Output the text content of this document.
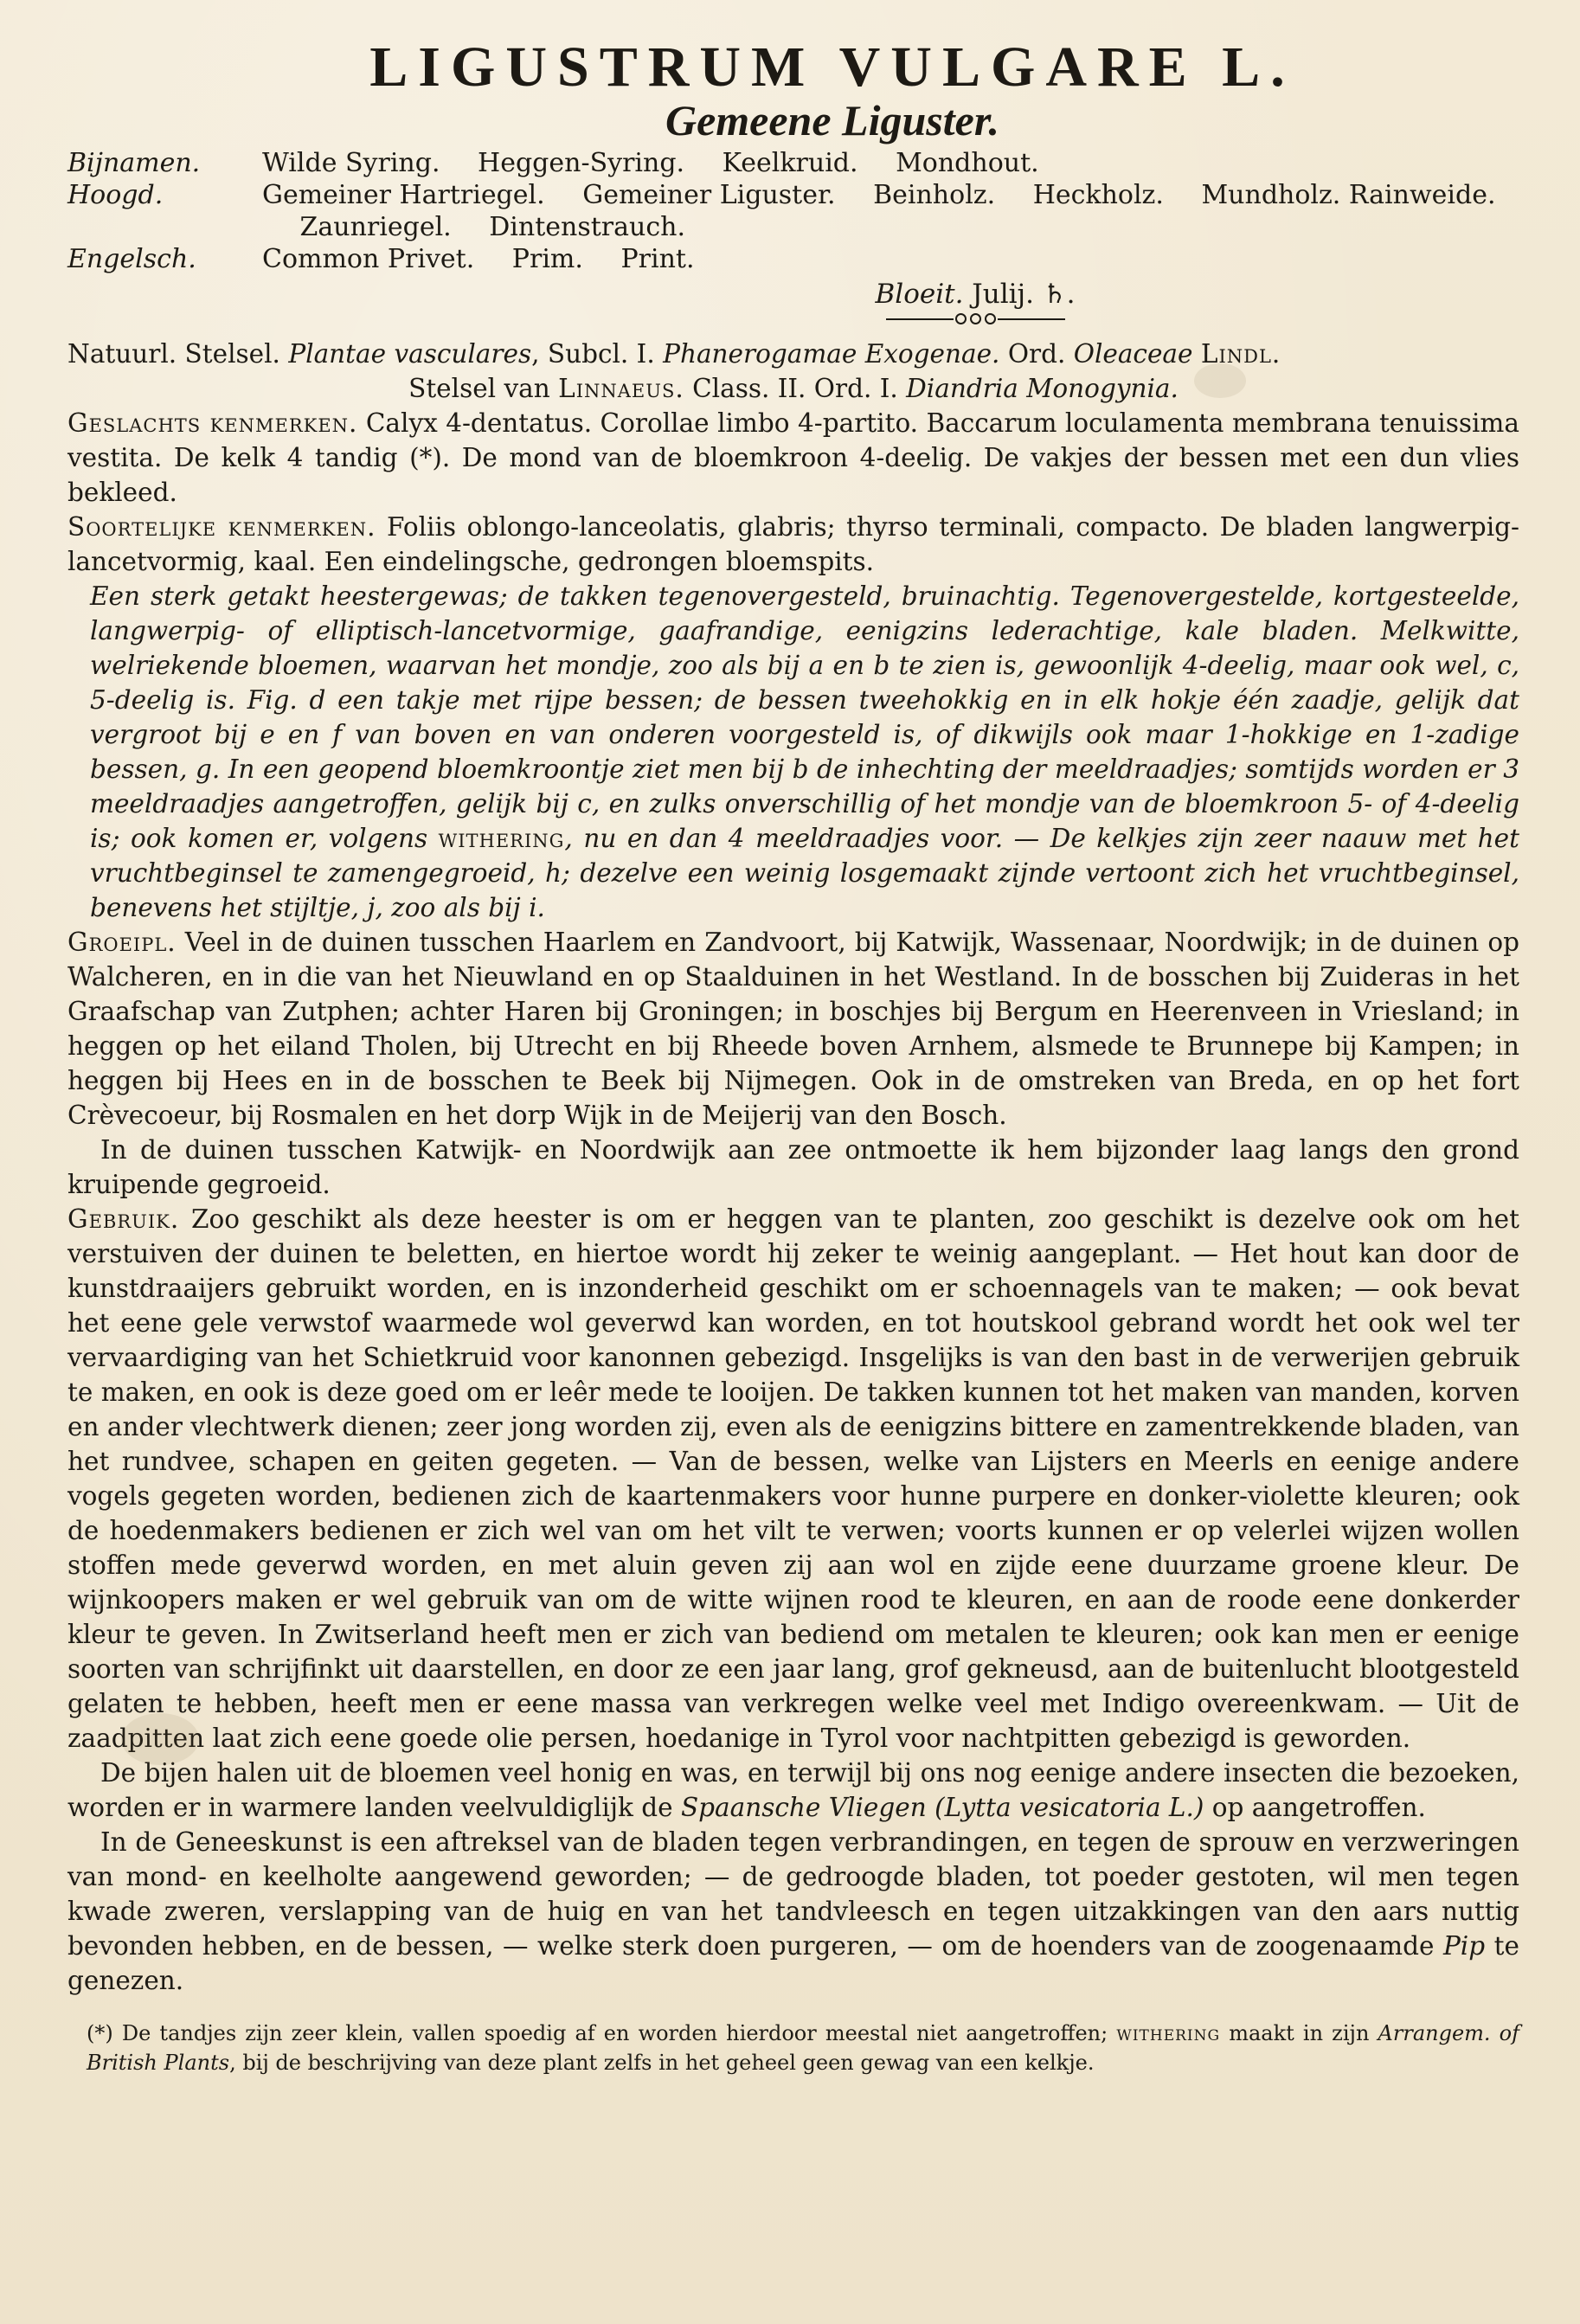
LIGUSTRUM VULGARE L.
Gemeene Liguster.
Bijnamen.	Wilde Syring. Heggen-Syring. Keelkruid. Mondhout.
Hoogd.	Gemeiner Hartriegel. Gemeiner Liguster. Beinholz. Heckholz. Mundholz. Rainweide. Zaunriegel. Dintenstrauch.
Engelsch.	Common Privet. Prim. Print.
Bloeit. Julij. ♄.

Natuurl. Stelsel. Plantae vasculares, Subcl. I. Phanerogamae Exogenae. Ord. Oleaceae Lindl.

Stelsel van Linnaeus. Class. II. Ord. I. Diandria Monogynia.

Geslachts kenmerken. Calyx 4-dentatus. Corollae limbo 4-partito. Baccarum loculamenta membrana tenuissima vestita. De kelk 4 tandig (*). De mond van de bloemkroon 4-deelig. De vakjes der bessen met een dun vlies bekleed.

Soortelijke kenmerken. Foliis oblongo-lanceolatis, glabris; thyrso terminali, compacto. De bladen langwerpig-lancetvormig, kaal. Een eindelingsche, gedrongen bloemspits.

Een sterk getakt heestergewas; de takken tegenovergesteld, bruinachtig. Tegenovergestelde, kortgesteelde, langwerpig- of elliptisch-lancetvormige, gaafrandige, eenigzins lederachtige, kale bladen. Melkwitte, welriekende bloemen, waarvan het mondje, zoo als bij a en b te zien is, gewoonlijk 4-deelig, maar ook wel, c, 5-deelig is. Fig. d een takje met rijpe bessen; de bessen tweehokkig en in elk hokje één zaadje, gelijk dat vergroot bij e en f van boven en van onderen voorgesteld is, of dikwijls ook maar 1-hokkige en 1-zadige bessen, g. In een geopend bloemkroontje ziet men bij b de inhechting der meeldraadjes; somtijds worden er 3 meeldraadjes aangetroffen, gelijk bij c, en zulks onverschillig of het mondje van de bloemkroon 5- of 4-deelig is; ook komen er, volgens withering, nu en dan 4 meeldraadjes voor. — De kelkjes zijn zeer naauw met het vruchtbeginsel te zamengegroeid, h; dezelve een weinig losgemaakt zijnde vertoont zich het vruchtbeginsel, benevens het stijltje, j, zoo als bij i.

Groeipl. Veel in de duinen tusschen Haarlem en Zandvoort, bij Katwijk, Wassenaar, Noordwijk; in de duinen op Walcheren, en in die van het Nieuwland en op Staalduinen in het Westland. In de bosschen bij Zuideras in het Graafschap van Zutphen; achter Haren bij Groningen; in boschjes bij Bergum en Heerenveen in Vriesland; in heggen op het eiland Tholen, bij Utrecht en bij Rheede boven Arnhem, alsmede te Brunnepe bij Kampen; in heggen bij Hees en in de bosschen te Beek bij Nijmegen. Ook in de omstreken van Breda, en op het fort Crèvecoeur, bij Rosmalen en het dorp Wijk in de Meijerij van den Bosch.

In de duinen tusschen Katwijk- en Noordwijk aan zee ontmoette ik hem bijzonder laag langs den grond kruipende gegroeid.

Gebruik. Zoo geschikt als deze heester is om er heggen van te planten, zoo geschikt is dezelve ook om het verstuiven der duinen te beletten, en hiertoe wordt hij zeker te weinig aangeplant. — Het hout kan door de kunstdraaijers gebruikt worden, en is inzonderheid geschikt om er schoennagels van te maken; — ook bevat het eene gele verwstof waarmede wol geverwd kan worden, en tot houtskool gebrand wordt het ook wel ter vervaardiging van het Schietkruid voor kanonnen gebezigd. Insgelijks is van den bast in de verwerijen gebruik te maken, en ook is deze goed om er leêr mede te looijen. De takken kunnen tot het maken van manden, korven en ander vlechtwerk dienen; zeer jong worden zij, even als de eenigzins bittere en zamentrekkende bladen, van het rundvee, schapen en geiten gegeten. — Van de bessen, welke van Lijsters en Meerls en eenige andere vogels gegeten worden, bedienen zich de kaartenmakers voor hunne purpere en donker-violette kleuren; ook de hoedenmakers bedienen er zich wel van om het vilt te verwen; voorts kunnen er op velerlei wijzen wollen stoffen mede geverwd worden, en met aluin geven zij aan wol en zijde eene duurzame groene kleur. De wijnkoopers maken er wel gebruik van om de witte wijnen rood te kleuren, en aan de roode eene donkerder kleur te geven. In Zwitserland heeft men er zich van bediend om metalen te kleuren; ook kan men er eenige soorten van schrijfinkt uit daarstellen, en door ze een jaar lang, grof gekneusd, aan de buitenlucht blootgesteld gelaten te hebben, heeft men er eene massa van verkregen welke veel met Indigo overeenkwam. — Uit de zaadpitten laat zich eene goede olie persen, hoedanige in Tyrol voor nachtpitten gebezigd is geworden.

De bijen halen uit de bloemen veel honig en was, en terwijl bij ons nog eenige andere insecten die bezoeken, worden er in warmere landen veelvuldiglijk de Spaansche Vliegen (Lytta vesicatoria L.) op aangetroffen.

In de Geneeskunst is een aftreksel van de bladen tegen verbrandingen, en tegen de sprouw en verzweringen van mond- en keelholte aangewend geworden; — de gedroogde bladen, tot poeder gestoten, wil men tegen kwade zweren, verslapping van de huig en van het tandvleesch en tegen uitzakkingen van den aars nuttig bevonden hebben, en de bessen, — welke sterk doen purgeren, — om de hoenders van de zoogenaamde Pip te genezen.

(*) De tandjes zijn zeer klein, vallen spoedig af en worden hierdoor meestal niet aangetroffen; withering maakt in zijn Arrangem. of British Plants, bij de beschrijving van deze plant zelfs in het geheel geen gewag van een kelkje.
